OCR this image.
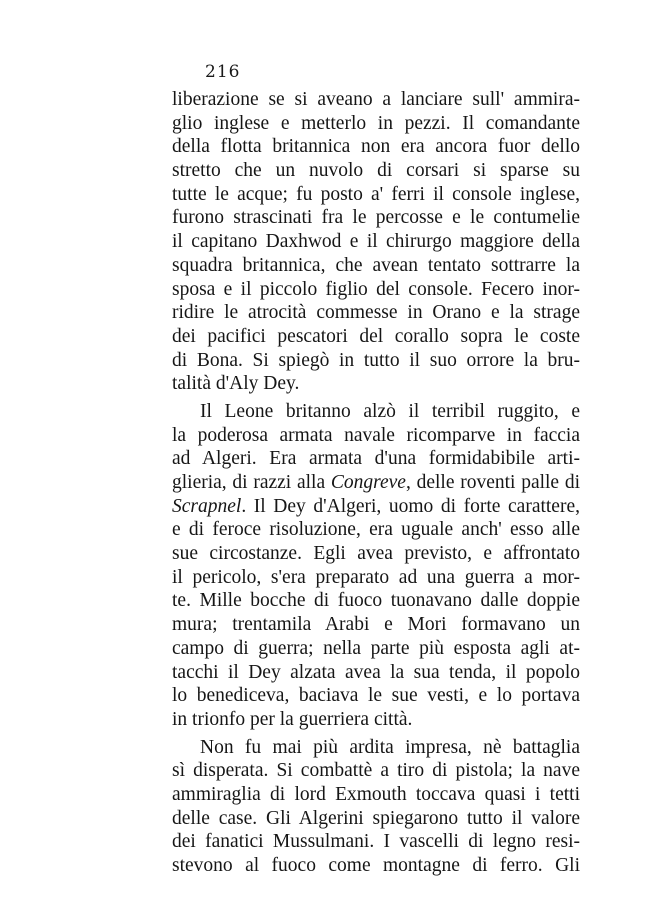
216
liberazione se si aveano a lanciare sull' ammira-
glio inglese e metterlo in pezzi. Il comandante
della flotta britannica non era ancora fuor dello
stretto che un nuvolo di corsari si sparse su
tutte le acque; fu posto a' ferri il console inglese,
furono strascinati fra le percosse e le contumelie
il capitano Daxhwod e il chirurgo maggiore della
squadra britannica, che avean tentato sottrarre la
sposa e il piccolo figlio del console. Fecero inor-
ridire le atrocità commesse in Orano e la strage
dei pacifici pescatori del corallo sopra le coste
di Bona. Si spiegò in tutto il suo orrore la bru-
talità d'Aly Dey.
Il Leone britanno alzò il terribil ruggito, e
la poderosa armata navale ricomparve in faccia
ad Algeri. Era armata d'una formidabibile arti-
glieria, di razzi alla Congreve, delle roventi palle di
Scrapnel. Il Dey d'Algeri, uomo di forte carattere,
e di feroce risoluzione, era uguale anch' esso alle
sue circostanze. Egli avea previsto, e affrontato
il pericolo, s'era preparato ad una guerra a mor-
te. Mille bocche di fuoco tuonavano dalle doppie
mura; trentamila Arabi e Mori formavano un
campo di guerra; nella parte più esposta agli at-
tacchi il Dey alzata avea la sua tenda, il popolo
lo benediceva, baciava le sue vesti, e lo portava
in trionfo per la guerriera città.
Non fu mai più ardita impresa, nè battaglia
sì disperata. Si combattè a tiro di pistola; la nave
ammiraglia di lord Exmouth toccava quasi i tetti
delle case. Gli Algerini spiegarono tutto il valore
dei fanatici Mussulmani. I vascelli di legno resi-
stevono al fuoco come montagne di ferro. Gli
